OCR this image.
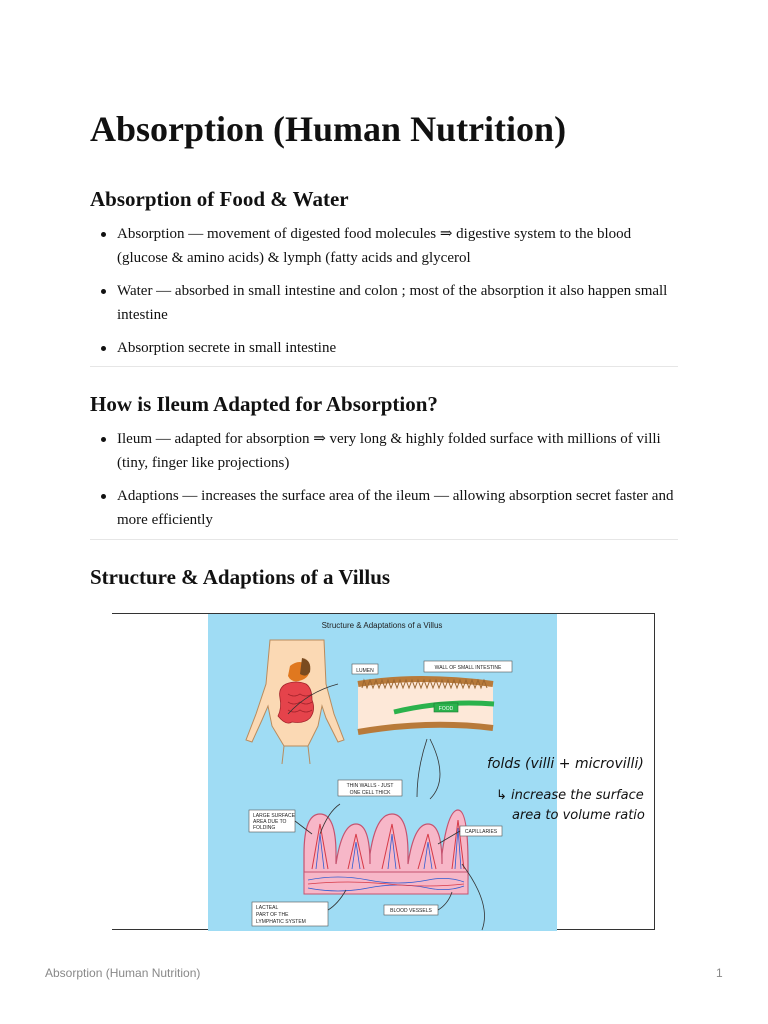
Absorption (Human Nutrition)
Absorption of Food & Water
Absorption — movement of digested food molecules ⇒ digestive system to the blood (glucose & amino acids) & lymph (fatty acids and glycerol
Water — absorbed in small intestine and colon ; most of the absorption it also happen small intestine
Absorption secrete in small intestine
How is Ileum Adapted for Absorption?
Ileum — adapted for absorption ⇒ very long & highly folded surface with millions of villi (tiny, finger like projections)
Adaptions — increases the surface area of the ileum — allowing absorption secret faster and more efficiently
Structure & Adaptions of a Villus
Structure & Adaptations of a Villus
FOOD
LUMEN	WALL OF SMALL INTESTINE
THIN WALLS - JUST
ONE CELL THICK
LARGE SURFACE
AREA DUE TO
FOLDING
CAPILLARIES
LACTEAL
PART OF THE
LYMPHATIC SYSTEM
BLOOD VESSELS
folds (villi + microvilli)
↳ increase the surface
area to volume ratio
Absorption (Human Nutrition)	1
